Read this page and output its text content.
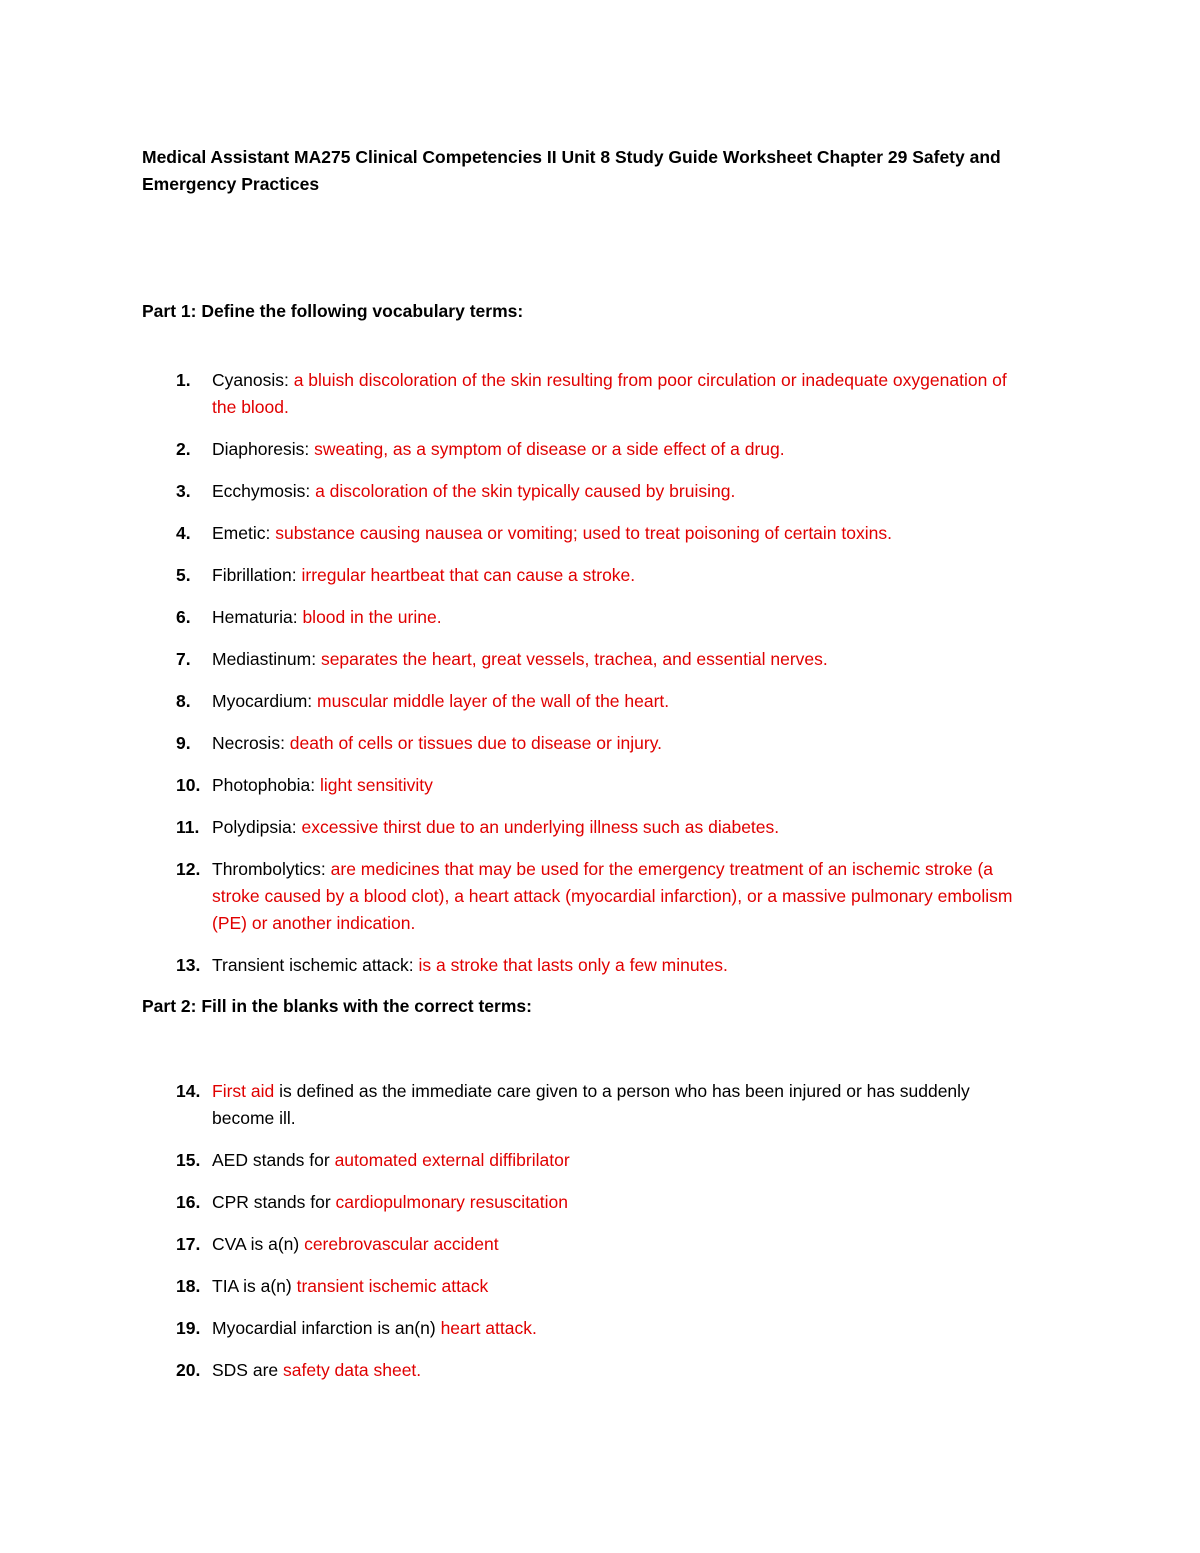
Medical Assistant MA275 Clinical Competencies II Unit 8 Study Guide Worksheet Chapter 29 Safety and Emergency Practices
Part 1: Define the following vocabulary terms:
1. Cyanosis: a bluish discoloration of the skin resulting from poor circulation or inadequate oxygenation of the blood.
2. Diaphoresis: sweating, as a symptom of disease or a side effect of a drug.
3. Ecchymosis: a discoloration of the skin typically caused by bruising.
4. Emetic: substance causing nausea or vomiting; used to treat poisoning of certain toxins.
5. Fibrillation: irregular heartbeat that can cause a stroke.
6. Hematuria: blood in the urine.
7. Mediastinum: separates the heart, great vessels, trachea, and essential nerves.
8. Myocardium: muscular middle layer of the wall of the heart.
9. Necrosis: death of cells or tissues due to disease or injury.
10. Photophobia: light sensitivity
11. Polydipsia: excessive thirst due to an underlying illness such as diabetes.
12. Thrombolytics: are medicines that may be used for the emergency treatment of an ischemic stroke (a stroke caused by a blood clot), a heart attack (myocardial infarction), or a massive pulmonary embolism (PE) or another indication.
13. Transient ischemic attack: is a stroke that lasts only a few minutes.
Part 2: Fill in the blanks with the correct terms:
14. First aid is defined as the immediate care given to a person who has been injured or has suddenly become ill.
15. AED stands for automated external diffibrilator
16. CPR stands for cardiopulmonary resuscitation
17. CVA is a(n) cerebrovascular accident
18. TIA is a(n) transient ischemic attack
19. Myocardial infarction is an(n) heart attack.
20. SDS are safety data sheet.
